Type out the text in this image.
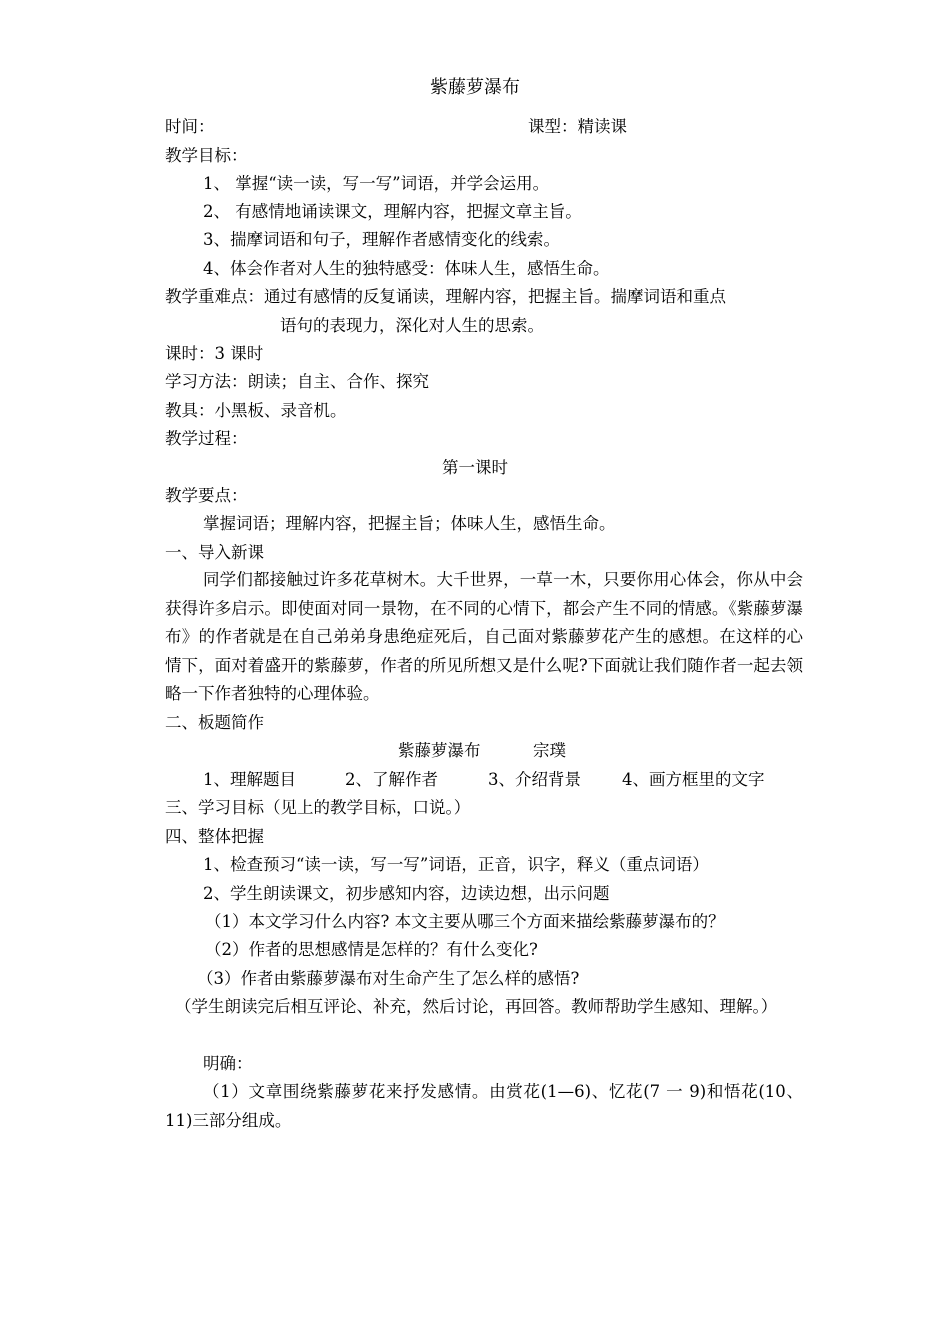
紫藤萝瀑布
时间：	课型：精读课
教学目标：
1、 掌握“读一读，写一写”词语，并学会运用。
2、 有感情地诵读课文，理解内容，把握文章主旨。
3、揣摩词语和句子，理解作者感情变化的线索。
4、体会作者对人生的独特感受：体味人生，感悟生命。
教学重难点：通过有感情的反复诵读，理解内容，把握主旨。揣摩词语和重点
语句的表现力，深化对人生的思索。
课时：3 课时
学习方法：朗读；自主、合作、探究
教具：小黑板、录音机。
教学过程：
第一课时
教学要点：
掌握词语；理解内容，把握主旨；体味人生，感悟生命。
一、导入新课
同学们都接触过许多花草树木。大千世界，一草一木，只要你用心体会，你从中会获得许多启示。即使面对同一景物，在不同的心情下，都会产生不同的情感。《紫藤萝瀑布》的作者就是在自己弟弟身患绝症死后，自己面对紫藤萝花产生的感想。在这样的心情下，面对着盛开的紫藤萝，作者的所见所想又是什么呢?下面就让我们随作者一起去领略一下作者独特的心理体验。
二、板题简作
紫藤萝瀑布	宗璞
1、理解题目	2、了解作者	3、介绍背景	4、画方框里的文字
三、学习目标（见上的教学目标，口说。）
四、整体把握
1、检查预习“读一读，写一写”词语，正音，识字，释义（重点词语）
2、学生朗读课文，初步感知内容，边读边想，出示问题
（1）本文学习什么内容? 本文主要从哪三个方面来描绘紫藤萝瀑布的？
（2）作者的思想感情是怎样的？有什么变化?
（3）作者由紫藤萝瀑布对生命产生了怎么样的感悟?
（学生朗读完后相互评论、补充，然后讨论，再回答。教师帮助学生感知、理解。）
明确：
（1）文章围绕紫藤萝花来抒发感情。由赏花(1—6)、忆花(7 一 9)和悟花(10、11)三部分组成。
